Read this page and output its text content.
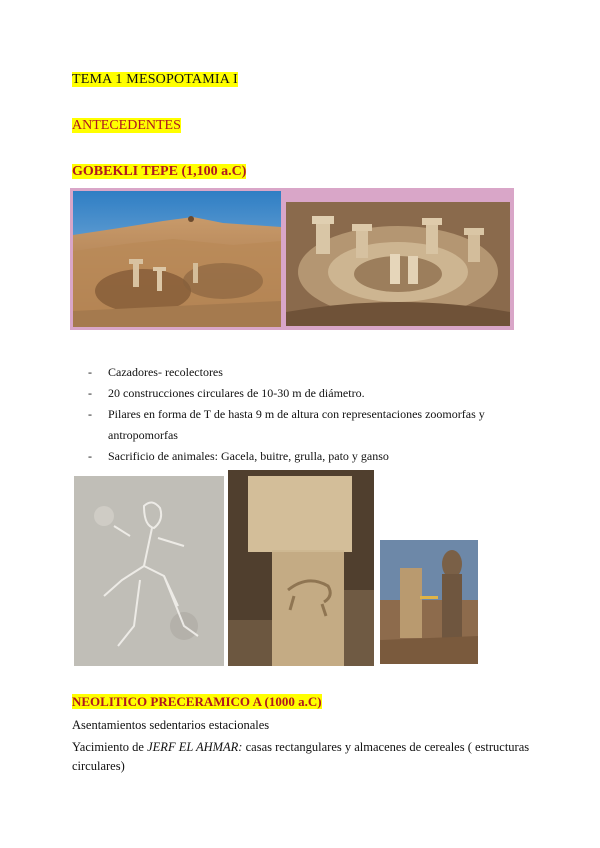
TEMA 1 MESOPOTAMIA I
ANTECEDENTES
GOBEKLI TEPE (1,100 a.C)
-	Cazadores- recolectores
-	20 construcciones circulares de 10-30 m de diámetro.
-	Pilares en forma de T de hasta 9 m de altura con representaciones zoomorfas y
antropomorfas
-	Sacrificio de animales: Gacela, buitre, grulla, pato y ganso
NEOLITICO PRECERAMICO A (1000 a.C)
Asentamientos sedentarios estacionales
Yacimiento de JERF EL AHMAR: casas rectangulares y almacenes de cereales ( estructuras
circulares)
